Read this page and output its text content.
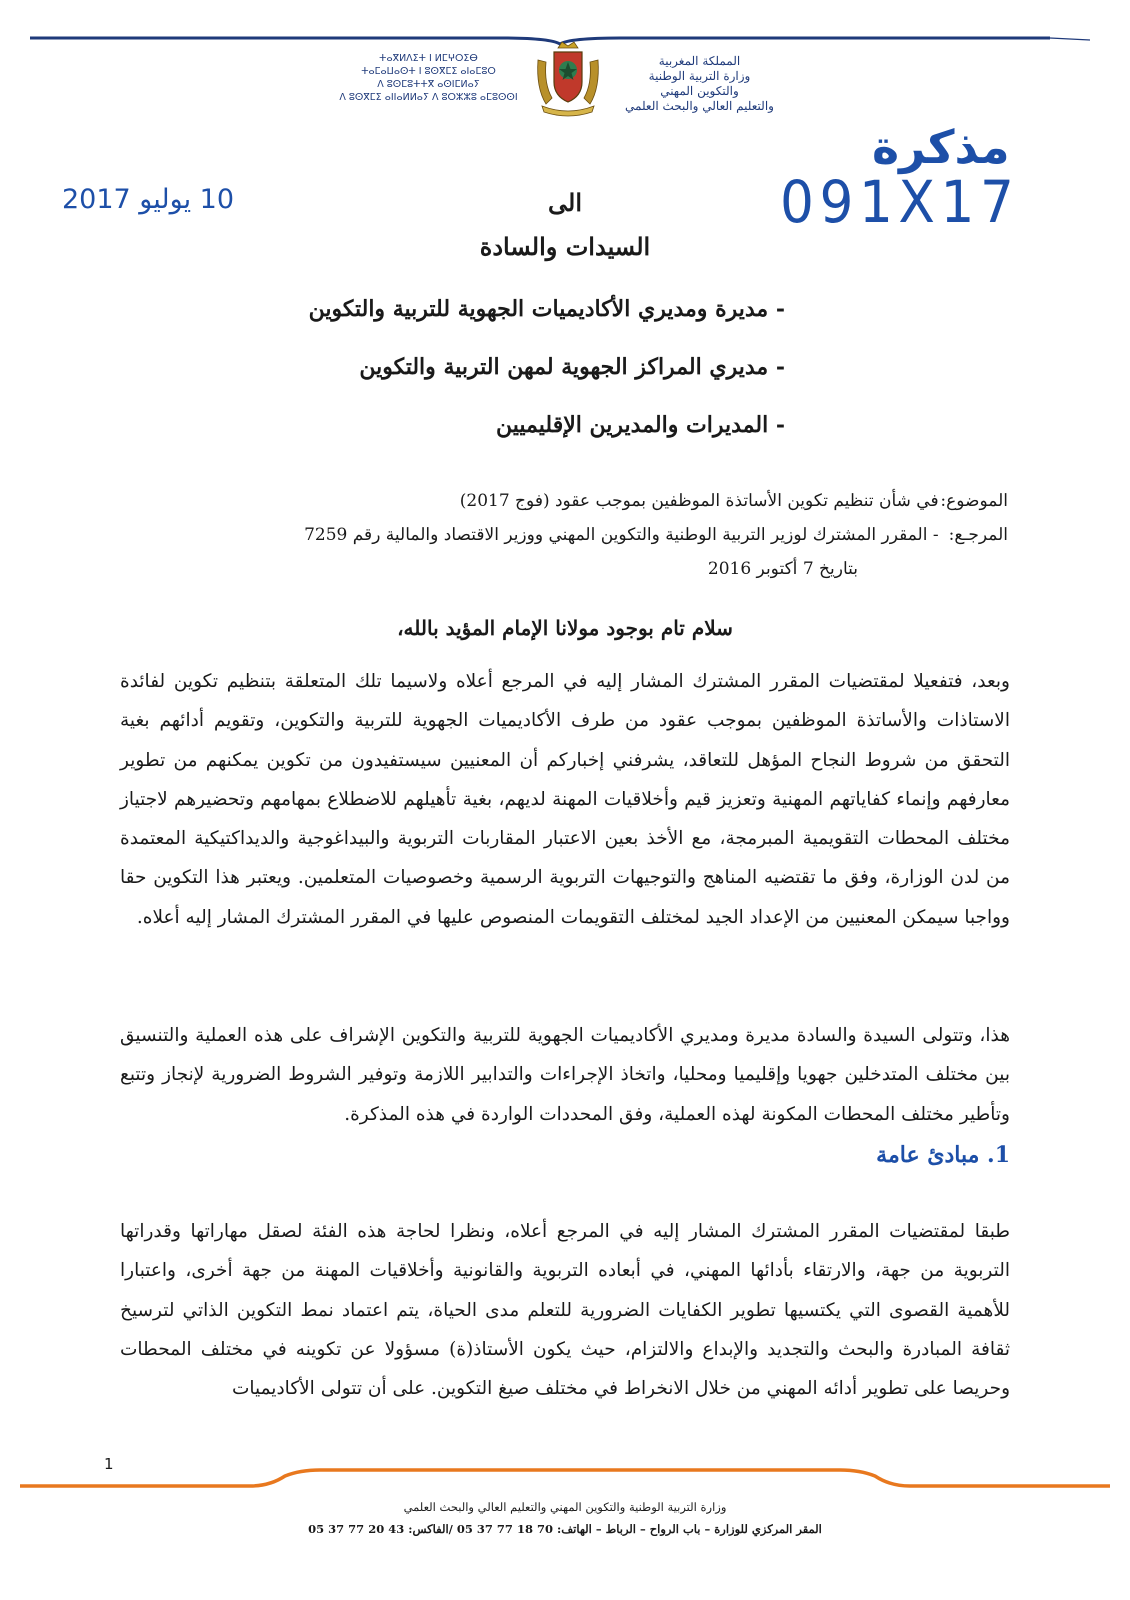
ⵜⴰⴳⵍⴷⵉⵜ ⵏ ⵍⵎⵖⵔⵉⴱ
ⵜⴰⵎⴰⵡⴰⵙⵜ ⵏ ⵓⵙⴳⵎⵉ ⴰⵏⴰⵎⵓⵔ
ⴷ ⵓⵙⵎⵓⵜⵜⴳ ⴰⵙⵏⵎⵍⴰⵢ
ⴷ ⵓⵙⴳⵎⵉ ⴰⵏⵏⴰⵍⵍⴰⵢ ⴷ ⵓⵔⵣⵣⵓ ⴰⵎⵓⵙⵙⵏ
المملكة المغربية
وزارة التربية الوطنية
والتكوين المهني
والتعليم العالي والبحث العلمي
مذكرة
091X17
10 يوليو 2017	الى
السيدات والسادة
- مديرة ومديري الأكاديميات الجهوية للتربية والتكوين
- مديري المراكز الجهوية لمهن التربية والتكوين
- المديرات والمديرين الإقليميين
الموضوع: في شأن تنظيم تكوين الأساتذة الموظفين بموجب عقود (فوج 2017)
المرجـع: - المقرر المشترك لوزير التربية الوطنية والتكوين المهني ووزير الاقتصاد والمالية رقم 7259
بتاريخ 7 أكتوبر 2016
سلام تام بوجود مولانا الإمام المؤيد بالله،
وبعد، فتفعيلا لمقتضيات المقرر المشترك المشار إليه في المرجع أعلاه ولاسيما تلك المتعلقة بتنظيم تكوين لفائدة الاستاذات والأساتذة الموظفين بموجب عقود من طرف الأكاديميات الجهوية للتربية والتكوين، وتقويم أدائهم بغية التحقق من شروط النجاح المؤهل للتعاقد، يشرفني إخباركم أن المعنيين سيستفيدون من تكوين يمكنهم من تطوير معارفهم وإنماء كفاياتهم المهنية وتعزيز قيم وأخلاقيات المهنة لديهم، بغية تأهيلهم للاضطلاع بمهامهم وتحضيرهم لاجتياز مختلف المحطات التقويمية المبرمجة، مع الأخذ بعين الاعتبار المقاربات التربوية والبيداغوجية والديداكتيكية المعتمدة من لدن الوزارة، وفق ما تقتضيه المناهج والتوجيهات التربوية الرسمية وخصوصيات المتعلمين. ويعتبر هذا التكوين حقا وواجبا سيمكن المعنيين من الإعداد الجيد لمختلف التقويمات المنصوص عليها في المقرر المشترك المشار إليه أعلاه.
هذا، وتتولى السيدة والسادة مديرة ومديري الأكاديميات الجهوية للتربية والتكوين الإشراف على هذه العملية والتنسيق بين مختلف المتدخلين جهويا وإقليميا ومحليا، واتخاذ الإجراءات والتدابير اللازمة وتوفير الشروط الضرورية لإنجاز وتتبع وتأطير مختلف المحطات المكونة لهذه العملية، وفق المحددات الواردة في هذه المذكرة.
1. مبادئ عامة
طبقا لمقتضيات المقرر المشترك المشار إليه في المرجع أعلاه، ونظرا لحاجة هذه الفئة لصقل مهاراتها وقدراتها التربوية من جهة، والارتقاء بأدائها المهني، في أبعاده التربوية والقانونية وأخلاقيات المهنة من جهة أخرى، واعتبارا للأهمية القصوى التي يكتسيها تطوير الكفايات الضرورية للتعلم مدى الحياة، يتم اعتماد نمط التكوين الذاتي لترسيخ ثقافة المبادرة والبحث والتجديد والإبداع والالتزام، حيث يكون الأستاذ(ة) مسؤولا عن تكوينه في مختلف المحطات وحريصا على تطوير أدائه المهني من خلال الانخراط في مختلف صيغ التكوين. على أن تتولى الأكاديميات
1
وزارة التربية الوطنية والتكوين المهني والتعليم العالي والبحث العلمي
المقر المركزي للوزارة – باب الرواح – الرباط – الهاتف: 70 18 77 37 05 /الفاكس: 43 20 77 37 05
